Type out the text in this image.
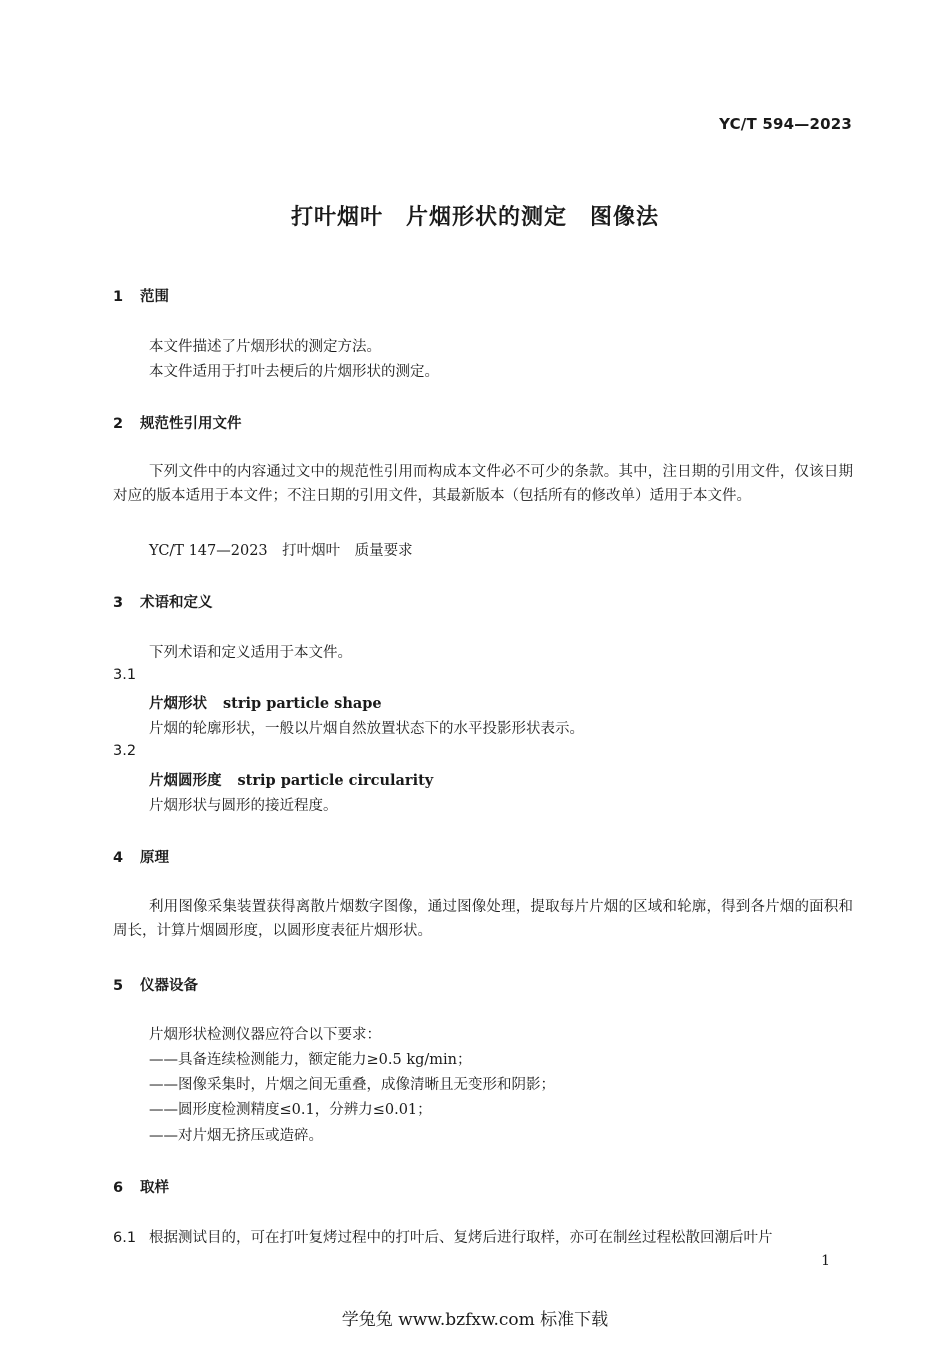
YC/T 594—2023
打叶烟叶　片烟形状的测定　图像法
1 范围
本文件描述了片烟形状的测定方法。
本文件适用于打叶去梗后的片烟形状的测定。
2 规范性引用文件
下列文件中的内容通过文中的规范性引用而构成本文件必不可少的条款。其中，注日期的引用文件，仅该日期对应的版本适用于本文件；不注日期的引用文件，其最新版本（包括所有的修改单）适用于本文件。
YC/T 147—2023　打叶烟叶　质量要求
3 术语和定义
下列术语和定义适用于本文件。
3.1
片烟形状 strip particle shape
片烟的轮廓形状，一般以片烟自然放置状态下的水平投影形状表示。
3.2
片烟圆形度 strip particle circularity
片烟形状与圆形的接近程度。
4 原理
利用图像采集装置获得离散片烟数字图像，通过图像处理，提取每片片烟的区域和轮廓，得到各片烟的面积和周长，计算片烟圆形度，以圆形度表征片烟形状。
5 仪器设备
片烟形状检测仪器应符合以下要求：
——具备连续检测能力，额定能力≥0.5 kg/min；
——图像采集时，片烟之间无重叠，成像清晰且无变形和阴影；
——圆形度检测精度≤0.1，分辨力≤0.01；
——对片烟无挤压或造碎。
6 取样
6.1 根据测试目的，可在打叶复烤过程中的打叶后、复烤后进行取样，亦可在制丝过程松散回潮后叶片
1
学兔兔 www.bzfxw.com 标准下载
